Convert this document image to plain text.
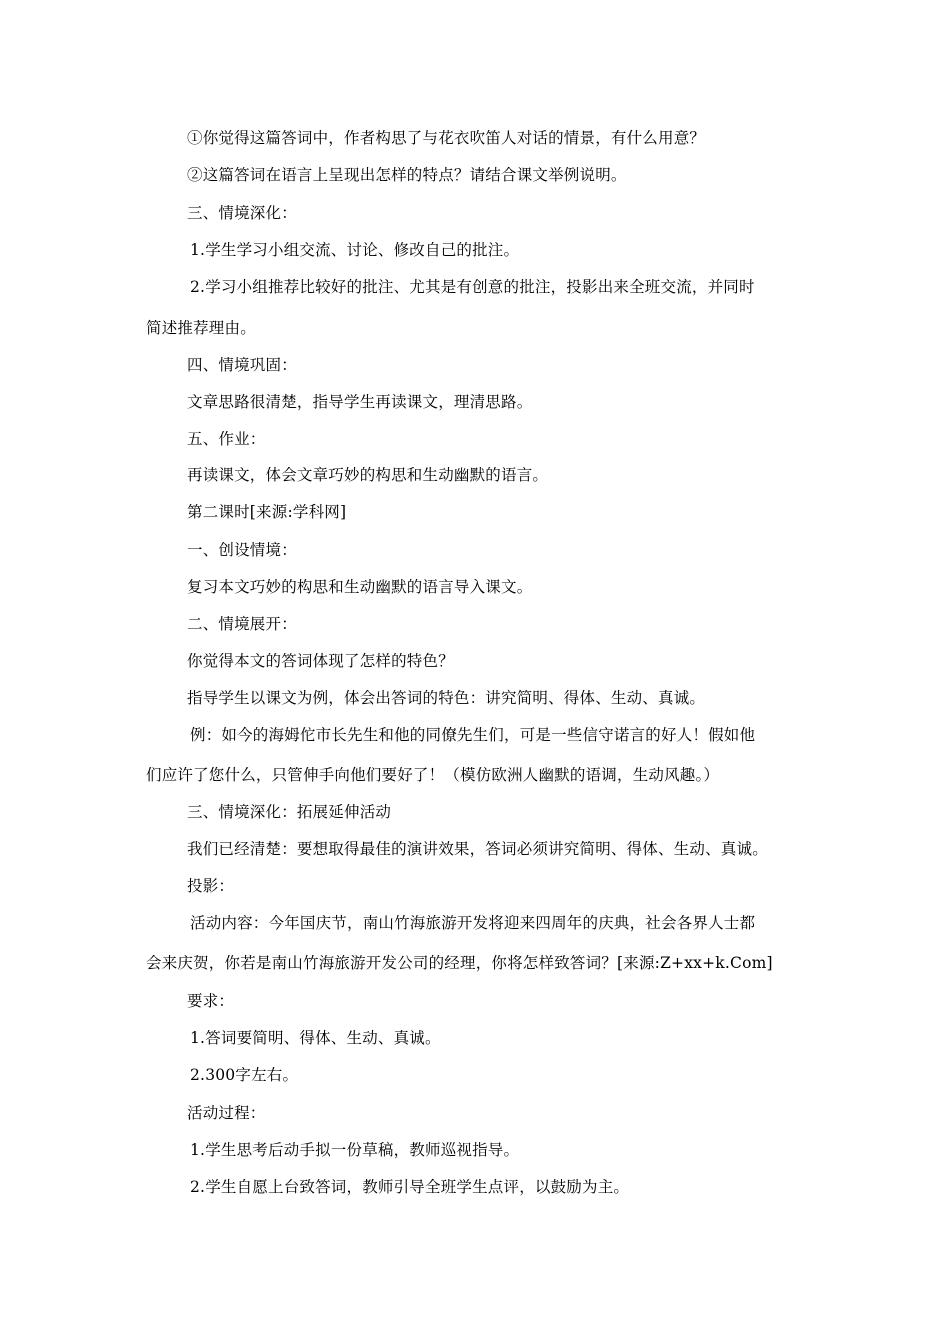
①你觉得这篇答词中，作者构思了与花衣吹笛人对话的情景，有什么用意？
②这篇答词在语言上呈现出怎样的特点？请结合课文举例说明。
三、情境深化：
1.学生学习小组交流、讨论、修改自己的批注。
2.学习小组推荐比较好的批注、尤其是有创意的批注，投影出来全班交流，并同时
简述推荐理由。
四、情境巩固：
文章思路很清楚，指导学生再读课文，理清思路。
五、作业：
再读课文，体会文章巧妙的构思和生动幽默的语言。
第二课时[来源:学科网]
一、创设情境：
复习本文巧妙的构思和生动幽默的语言导入课文。
二、情境展开：
你觉得本文的答词体现了怎样的特色？
指导学生以课文为例，体会出答词的特色：讲究简明、得体、生动、真诚。
例：如今的海姆佗市长先生和他的同僚先生们，可是一些信守诺言的好人！假如他
们应许了您什么，只管伸手向他们要好了！（模仿欧洲人幽默的语调，生动风趣。）
三、情境深化：拓展延伸活动
我们已经清楚：要想取得最佳的演讲效果，答词必须讲究简明、得体、生动、真诚。
投影：
活动内容：今年国庆节，南山竹海旅游开发将迎来四周年的庆典，社会各界人士都
会来庆贺，你若是南山竹海旅游开发公司的经理，你将怎样致答词？[来源:Z+xx+k.Com]
要求：
1.答词要简明、得体、生动、真诚。
2.300字左右。
活动过程：
1.学生思考后动手拟一份草稿，教师巡视指导。
2.学生自愿上台致答词，教师引导全班学生点评，以鼓励为主。
